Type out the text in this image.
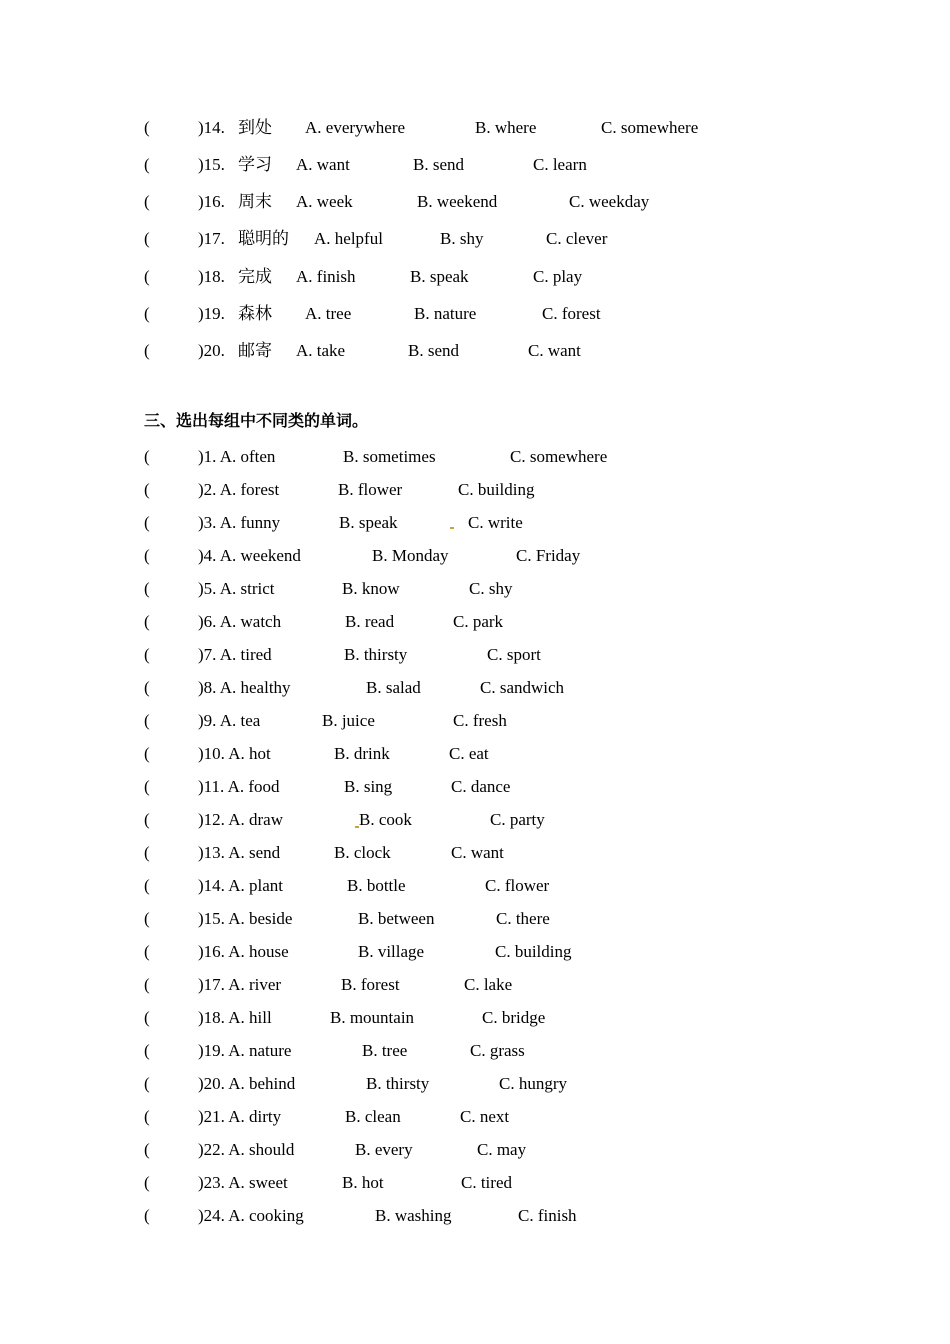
(	)14. 到处 A. everywhere	B. where	C. somewhere
(	)15. 学习 A. want	B. send	C. learn
(	)16. 周末 A. week	B. weekend	C. weekday
(	)17. 聪明的 A. helpful	B. shy	C. clever
(	)18. 完成 A. finish	B. speak	C. play
(	)19. 森林 A. tree	B. nature	C. forest
(	)20. 邮寄 A. take	B. send	C. want
三、选出每组中不同类的单词。
(	)1. A. often	B. sometimes	C. somewhere
(	)2. A. forest	B. flower	C. building
(	)3. A. funny	B. speak	C. write
(	)4. A. weekend	B. Monday	C. Friday
(	)5. A. strict	B. know	C. shy
(	)6. A. watch	B. read	C. park
(	)7. A. tired	B. thirsty	C. sport
(	)8. A. healthy	B. salad	C. sandwich
(	)9. A. tea	B. juice	C. fresh
(	)10. A. hot	B. drink	C. eat
(	)11. A. food	B. sing	C. dance
(	)12. A. draw	B. cook	C. party
(	)13. A. send	B. clock	C. want
(	)14. A. plant	B. bottle	C. flower
(	)15. A. beside	B. between	C. there
(	)16. A. house	B. village	C. building
(	)17. A. river	B. forest	C. lake
(	)18. A. hill	B. mountain	C. bridge
(	)19. A. nature	B. tree	C. grass
(	)20. A. behind	B. thirsty	C. hungry
(	)21. A. dirty	B. clean	C. next
(	)22. A. should	B. every	C. may
(	)23. A. sweet	B. hot	C. tired
(	)24. A. cooking	B. washing	C. finish
